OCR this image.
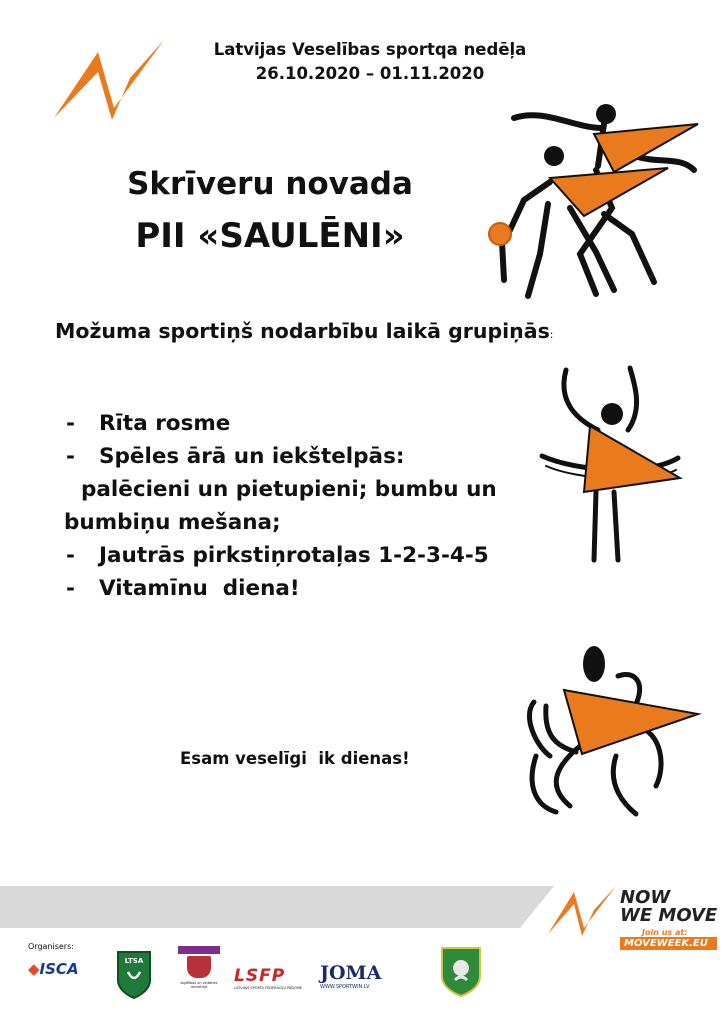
Latvijas Veselības sportqa nedēļa
26.10.2020 – 01.11.2020
Skrīveru novada
PII «SAULĒNI»
Možuma sportiņš nodarbību laikā grupiņās:
- Rīta rosme
- Spēles ārā un iekštelpās:
palēcieni un pietupieni; bumbu un
bumbiņu mešana;
- Jautrās pirkstiņrotaļas 1-2-3-4-5
- Vitamīnu  diena!
Esam veselīgi  ik dienas!
NOW
WE MOVE
Join us at:
MOVEWEEK.EU
Organisers:
◆ISCA	LTSA
Izglītības un zinātnes ministrija
LSFP
LATVIJAS SPORTA FEDERĀCIJU PADOME
JOMA
WWW.SPORTWIN.LV
